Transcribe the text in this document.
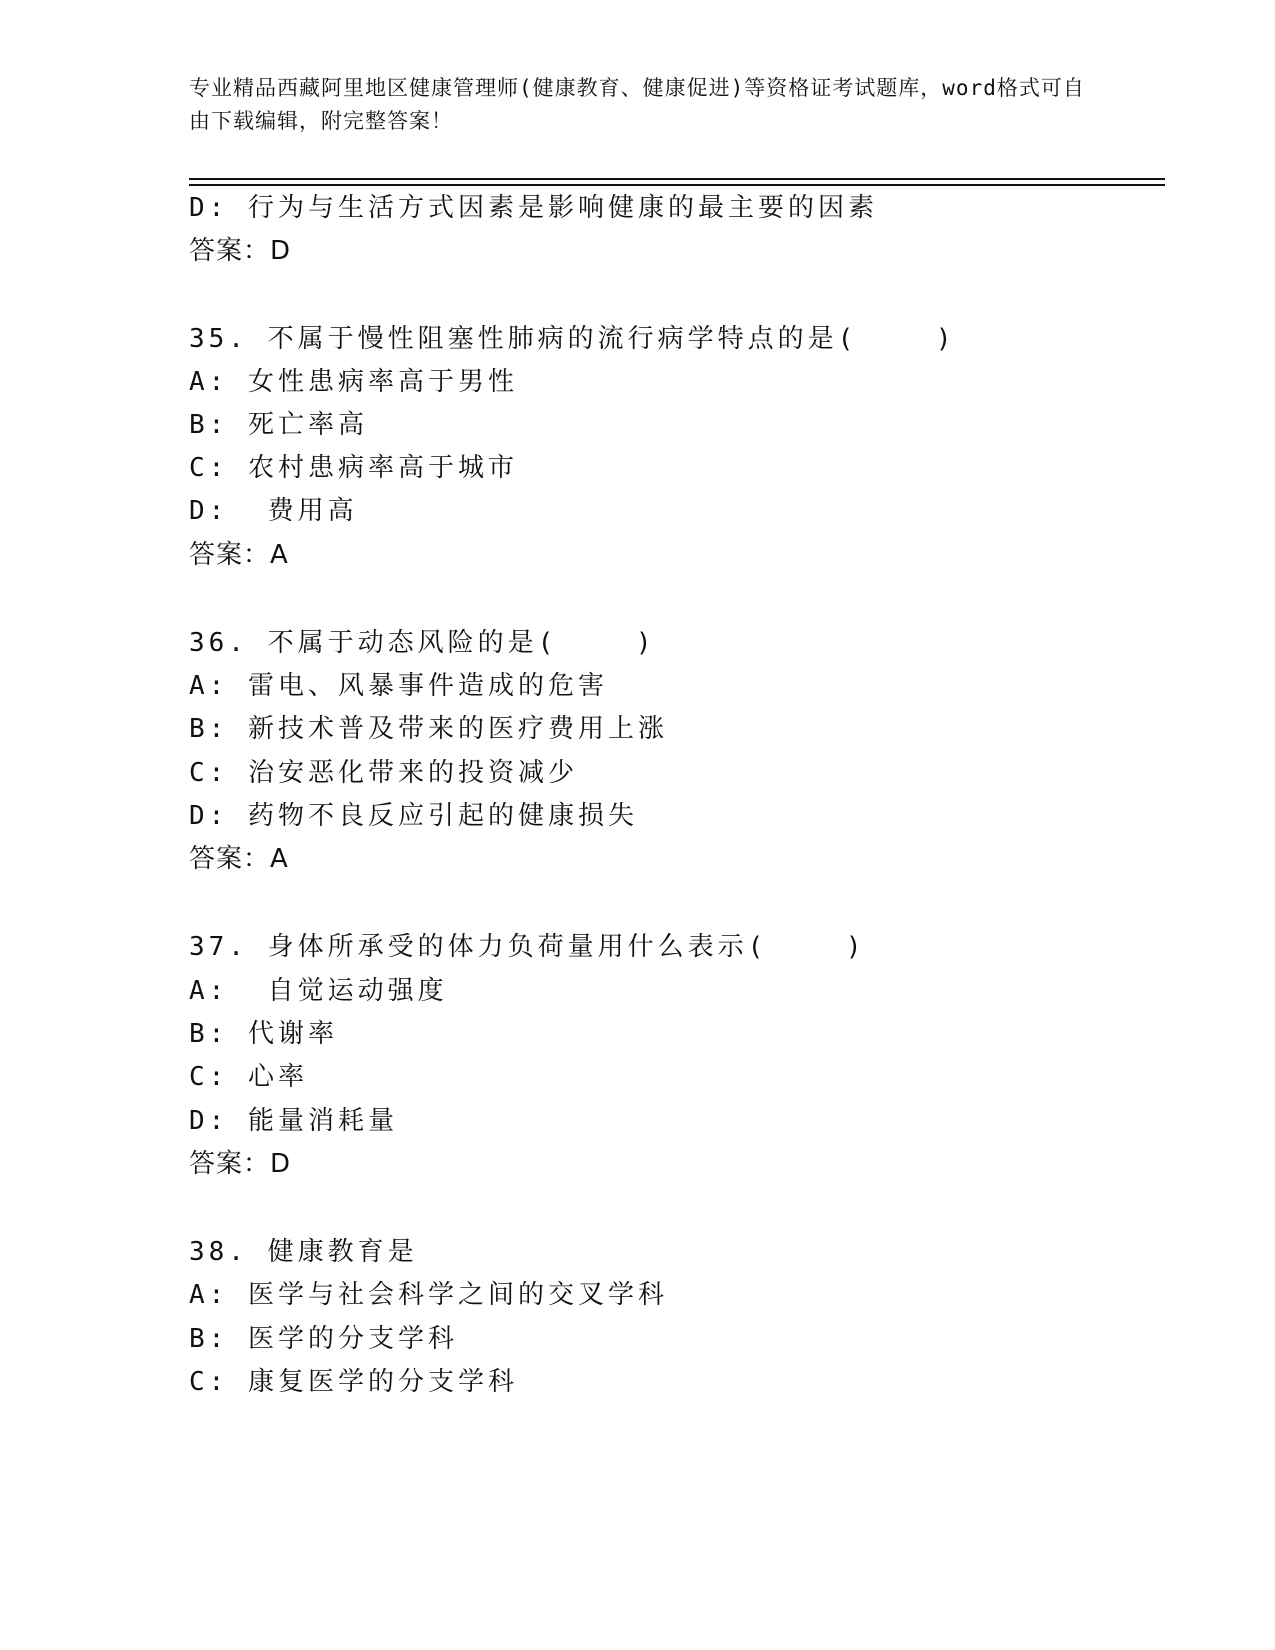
专业精品西藏阿里地区健康管理师(健康教育、健康促进)等资格证考试题库，word格式可自由下载编辑，附完整答案！

D: 行为与生活方式因素是影响健康的最主要的因素

答案：D

35. 不属于慢性阻塞性肺病的流行病学特点的是(    )

A: 女性患病率高于男性

B: 死亡率高

C: 农村患病率高于城市

D:  费用高

答案：A

36. 不属于动态风险的是(    )

A: 雷电、风暴事件造成的危害

B: 新技术普及带来的医疗费用上涨

C: 治安恶化带来的投资减少

D: 药物不良反应引起的健康损失

答案：A

37. 身体所承受的体力负荷量用什么表示(    )

A:  自觉运动强度

B: 代谢率

C: 心率

D: 能量消耗量

答案：D

38. 健康教育是

A: 医学与社会科学之间的交叉学科

B: 医学的分支学科

C: 康复医学的分支学科
